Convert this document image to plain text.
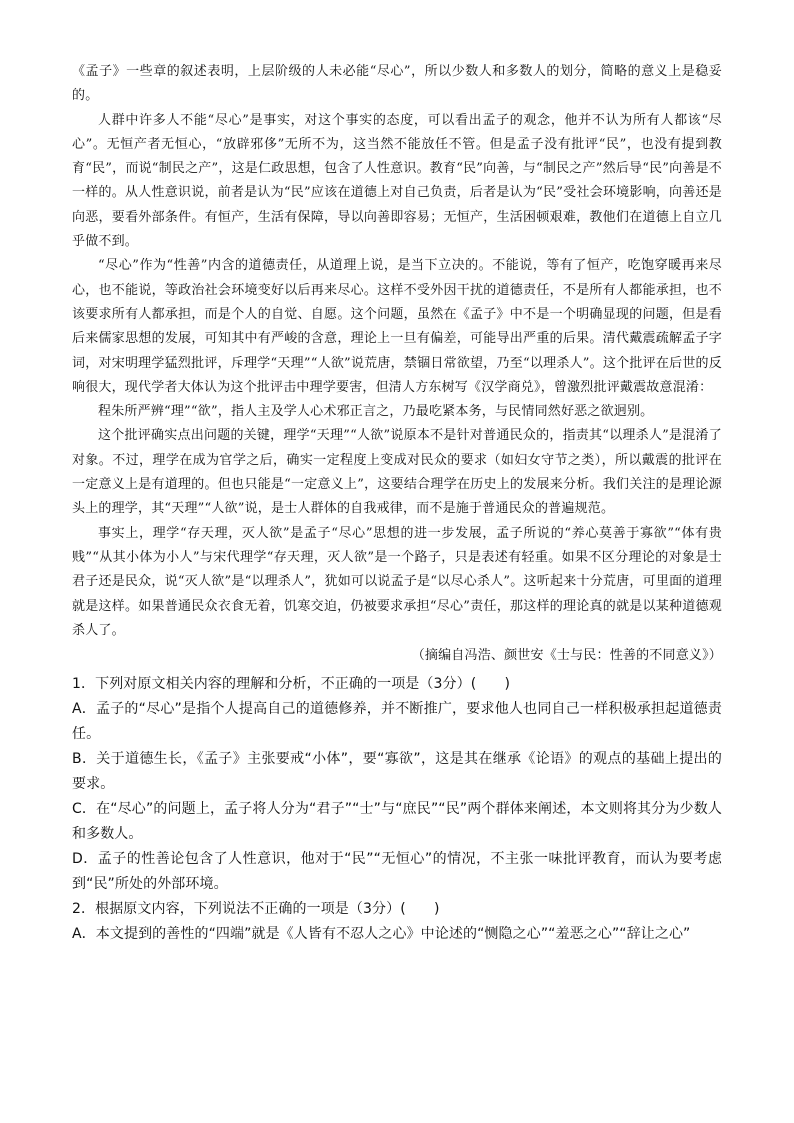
《孟子》一些章的叙述表明，上层阶级的人未必能“尽心”，所以少数人和多数人的划分，简略的意义上是稳妥的。

人群中许多人不能“尽心”是事实，对这个事实的态度，可以看出孟子的观念，他并不认为所有人都该“尽心”。无恒产者无恒心，“放辟邪侈”无所不为，这当然不能放任不管。但是孟子没有批评“民”，也没有提到教育“民”，而说“制民之产”，这是仁政思想，包含了人性意识。教育“民”向善，与“制民之产”然后导“民”向善是不一样的。从人性意识说，前者是认为“民”应该在道德上对自己负责，后者是认为“民”受社会环境影响，向善还是向恶，要看外部条件。有恒产，生活有保障，导以向善即容易；无恒产，生活困顿艰难，教他们在道德上自立几乎做不到。

“尽心”作为“性善”内含的道德责任，从道理上说，是当下立决的。不能说，等有了恒产，吃饱穿暖再来尽心，也不能说，等政治社会环境变好以后再来尽心。这样不受外因干扰的道德责任，不是所有人都能承担，也不该要求所有人都承担，而是个人的自觉、自愿。这个问题，虽然在《孟子》中不是一个明确显现的问题，但是看后来儒家思想的发展，可知其中有严峻的含意，理论上一旦有偏差，可能导出严重的后果。清代戴震疏解孟子字词，对宋明理学猛烈批评，斥理学“天理”“人欲”说荒唐，禁锢日常欲望，乃至“以理杀人”。这个批评在后世的反响很大，现代学者大体认为这个批评击中理学要害，但清人方东树写《汉学商兑》，曾激烈批评戴震故意混淆：

程朱所严辨“理”“欲”，指人主及学人心术邪正言之，乃最吃紧本务，与民情同然好恶之欲迥别。

这个批评确实点出问题的关键，理学“天理”“人欲”说原本不是针对普通民众的，指责其“以理杀人”是混淆了对象。不过，理学在成为官学之后，确实一定程度上变成对民众的要求（如妇女守节之类），所以戴震的批评在一定意义上是有道理的。但也只能是“一定意义上”，这要结合理学在历史上的发展来分析。我们关注的是理论源头上的理学，其“天理”“人欲”说，是士人群体的自我戒律，而不是施于普通民众的普遍规范。

事实上，理学“存天理，灭人欲”是孟子“尽心”思想的进一步发展，孟子所说的“养心莫善于寡欲”“体有贵贱”“从其小体为小人”与宋代理学“存天理，灭人欲”是一个路子，只是表述有轻重。如果不区分理论的对象是士君子还是民众，说“灭人欲”是“以理杀人”，犹如可以说孟子是“以尽心杀人”。这听起来十分荒唐，可里面的道理就是这样。如果普通民众衣食无着，饥寒交迫，仍被要求承担“尽心”责任，那这样的理论真的就是以某种道德观杀人了。

（摘编自冯浩、颜世安《士与民：性善的不同意义》）

1．下列对原文相关内容的理解和分析，不正确的一项是（3分）(　　)

A．孟子的“尽心”是指个人提高自己的道德修养，并不断推广，要求他人也同自己一样积极承担起道德责任。

B．关于道德生长，《孟子》主张要戒“小体”，要“寡欲”，这是其在继承《论语》的观点的基础上提出的要求。

C．在“尽心”的问题上，孟子将人分为“君子”“士”与“庶民”“民”两个群体来阐述，本文则将其分为少数人和多数人。

D．孟子的性善论包含了人性意识，他对于“民”“无恒心”的情况，不主张一味批评教育，而认为要考虑到“民”所处的外部环境。

2．根据原文内容，下列说法不正确的一项是（3分）(　　)

A．本文提到的善性的“四端”就是《人皆有不忍人之心》中论述的“恻隐之心”“羞恶之心”“辞让之心”
